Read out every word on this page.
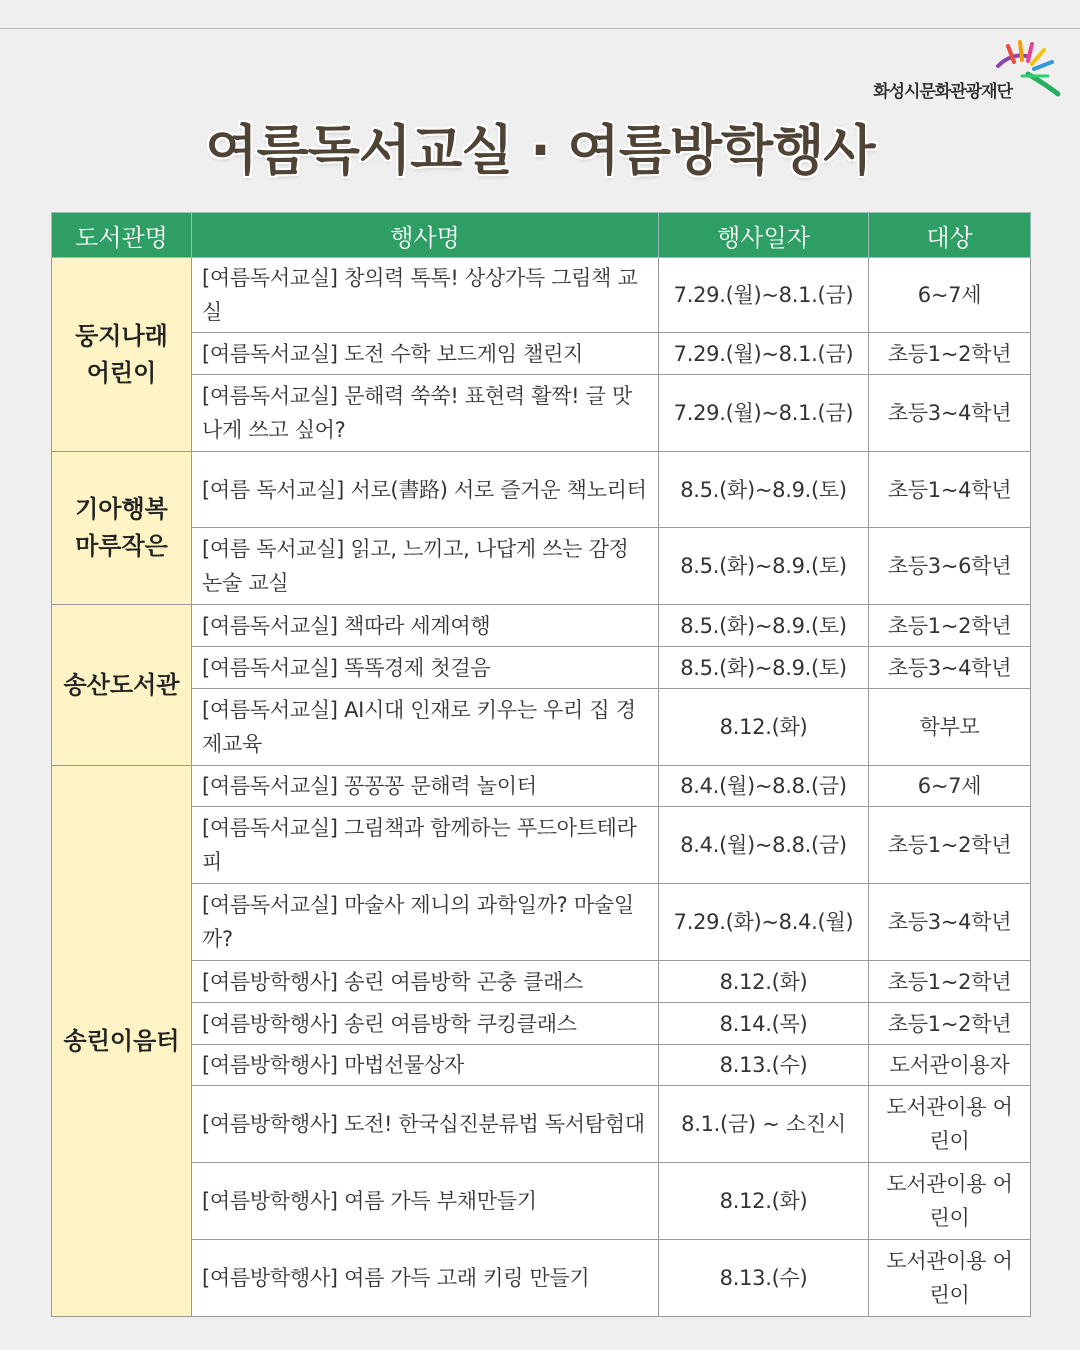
화성시문화관광재단
여름독서교실 · 여름방학행사
도서관명	행사명	행사일자	대상
둥지나래
어린이	[여름독서교실] 창의력 톡톡! 상상가득 그림책 교실	7.29.(월)~8.1.(금)	6~7세
	[여름독서교실] 도전 수학 보드게임 챌린지	7.29.(월)~8.1.(금)	초등1~2학년
	[여름독서교실] 문해력 쑥쑥! 표현력 활짝! 글 맛 나게 쓰고 싶어?	7.29.(월)~8.1.(금)	초등3~4학년
기아행복
마루작은	[여름 독서교실] 서로(書路) 서로 즐거운 책노리터	8.5.(화)~8.9.(토)	초등1~4학년
	[여름 독서교실] 읽고, 느끼고, 나답게 쓰는 감정 논술 교실	8.5.(화)~8.9.(토)	초등3~6학년
송산도서관	[여름독서교실] 책따라 세계여행	8.5.(화)~8.9.(토)	초등1~2학년
	[여름독서교실] 똑똑경제 첫걸음	8.5.(화)~8.9.(토)	초등3~4학년
	[여름독서교실] AI시대 인재로 키우는 우리 집 경제교육	8.12.(화)	학부모
송린이음터	[여름독서교실] 꽁꽁꽁 문해력 놀이터	8.4.(월)~8.8.(금)	6~7세
	[여름독서교실] 그림책과 함께하는 푸드아트테라피	8.4.(월)~8.8.(금)	초등1~2학년
	[여름독서교실] 마술사 제니의 과학일까? 마술일까?	7.29.(화)~8.4.(월)	초등3~4학년
	[여름방학행사] 송린 여름방학 곤충 클래스	8.12.(화)	초등1~2학년
	[여름방학행사] 송린 여름방학 쿠킹클래스	8.14.(목)	초등1~2학년
	[여름방학행사] 마법선물상자	8.13.(수)	도서관이용자
	[여름방학행사] 도전! 한국십진분류법 독서탐험대	8.1.(금) ~ 소진시	도서관이용 어린이
	[여름방학행사] 여름 가득 부채만들기	8.12.(화)	도서관이용 어린이
	[여름방학행사] 여름 가득 고래 키링 만들기	8.13.(수)	도서관이용 어린이
